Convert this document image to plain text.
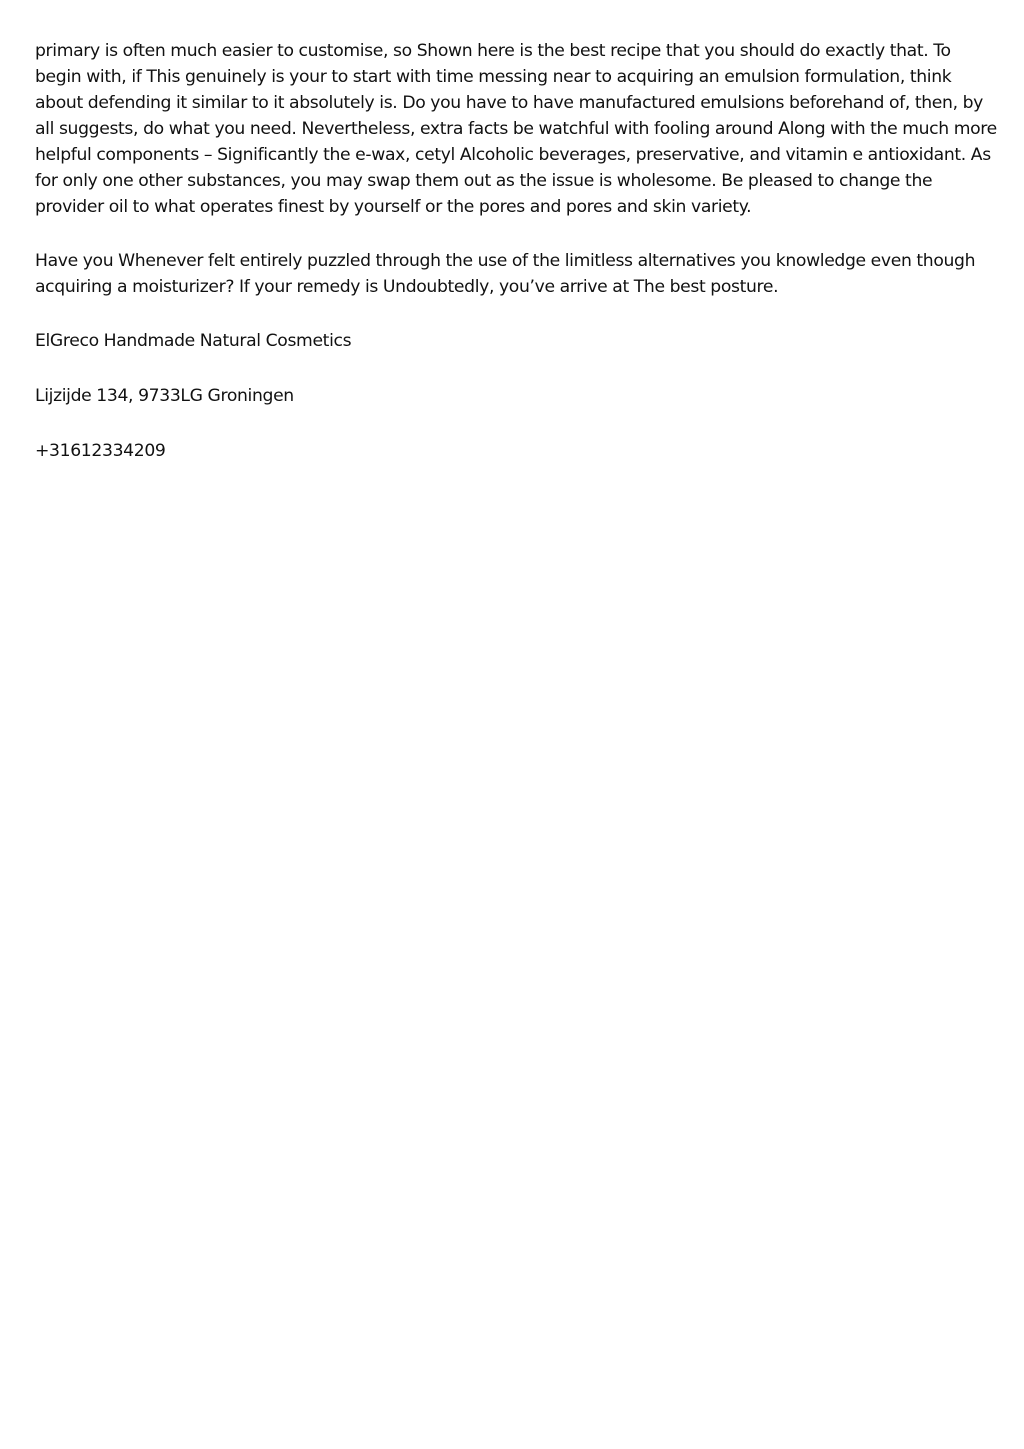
primary is often much easier to customise, so Shown here is the best recipe that you should do exactly that. To begin with, if This genuinely is your to start with time messing near to acquiring an emulsion formulation, think about defending it similar to it absolutely is. Do you have to have manufactured emulsions beforehand of, then, by all suggests, do what you need. Nevertheless, extra facts be watchful with fooling around Along with the much more helpful components – Significantly the e-wax, cetyl Alcoholic beverages, preservative, and vitamin e antioxidant. As for only one other substances, you may swap them out as the issue is wholesome. Be pleased to change the provider oil to what operates finest by yourself or the pores and pores and skin variety.

Have you Whenever felt entirely puzzled through the use of the limitless alternatives you knowledge even though acquiring a moisturizer? If your remedy is Undoubtedly, you’ve arrive at The best posture.

ElGreco Handmade Natural Cosmetics

Lijzijde 134, 9733LG Groningen

+31612334209
